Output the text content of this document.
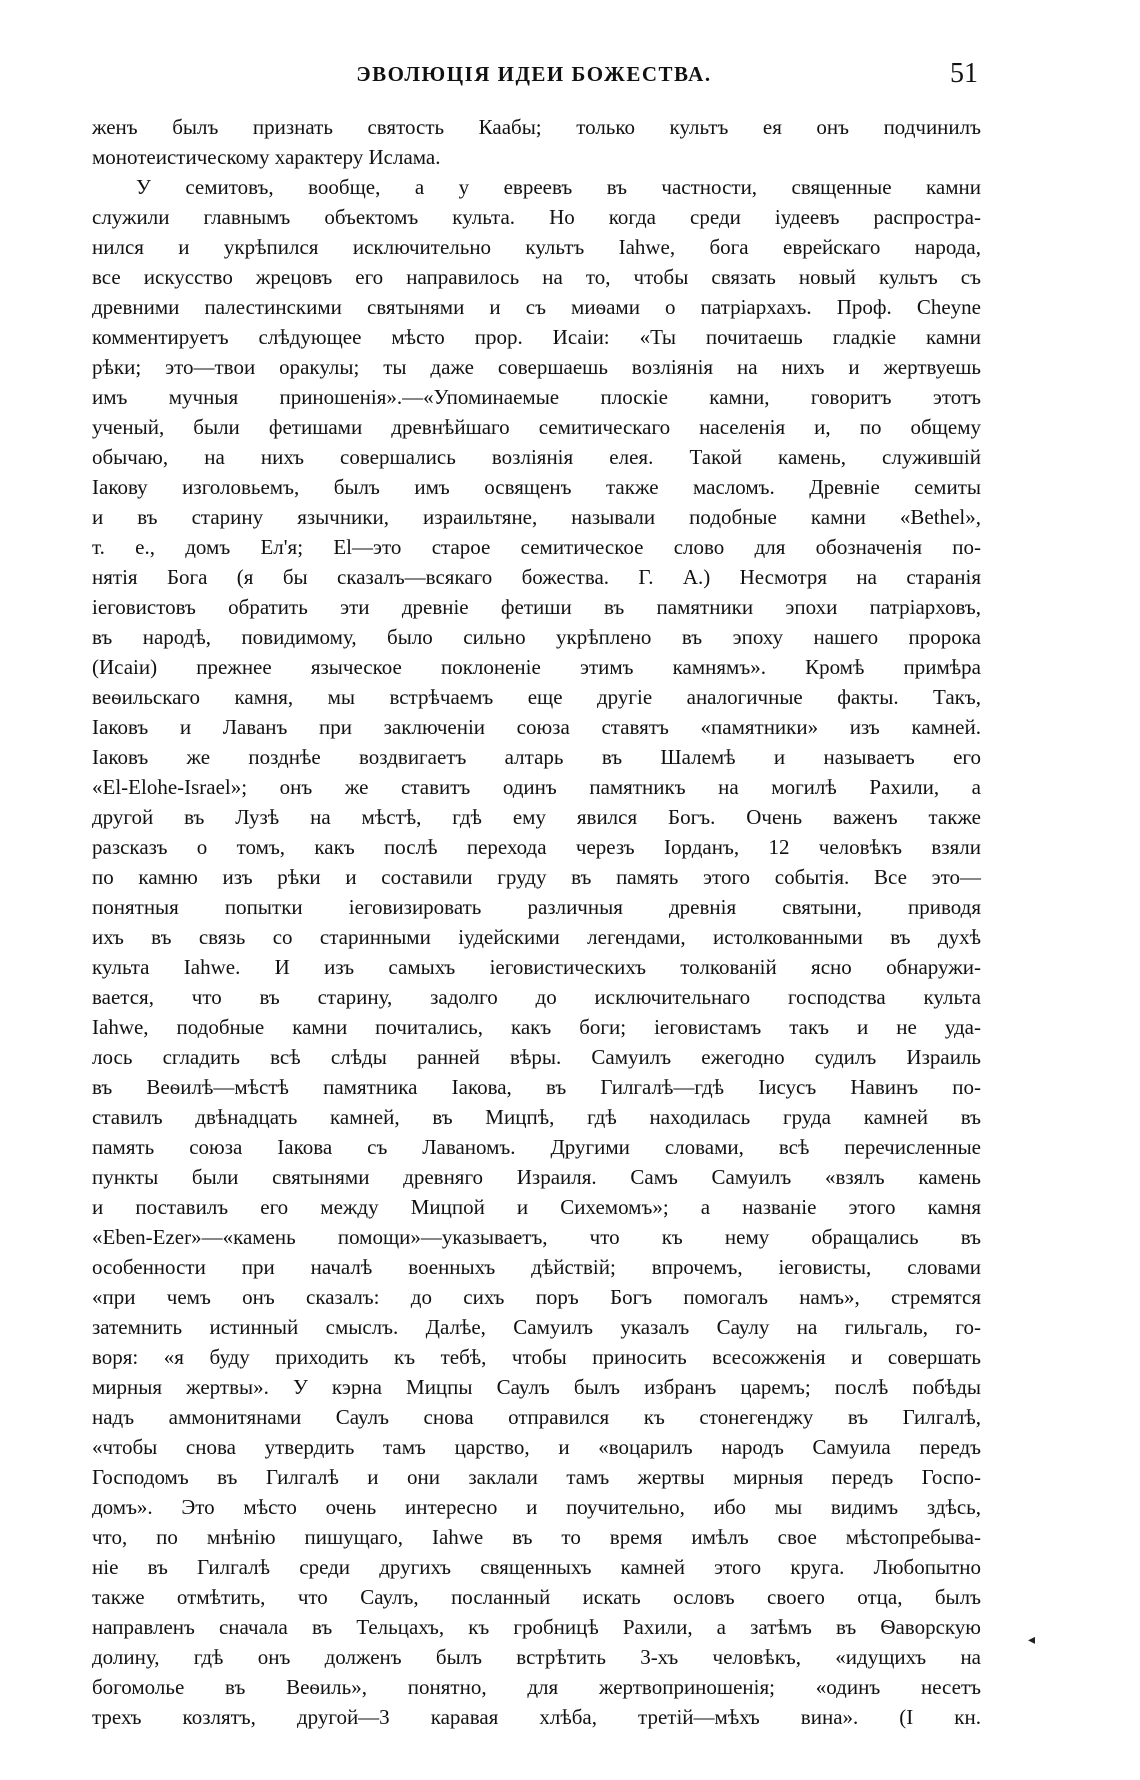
ЭВОЛЮЦІЯ ИДЕИ БОЖЕСТВА.	51
женъ былъ признать святость Каабы; только культъ ея онъ подчинилъ
монотеистическому характеру Ислама.
У семитовъ, вообще, а у евреевъ въ частности, священные камни
служили главнымъ объектомъ культа. Но когда среди іудеевъ распростра-
нился и укрѣпился исключительно культъ Iahwe, бога еврейскаго народа,
все искусство жрецовъ его направилось на то, чтобы связать новый культъ съ
древними палестинскими святынями и съ миѳами о патріархахъ. Проф. Cheyne
комментируетъ слѣдующее мѣсто прор. Исаіи: «Ты почитаешь гладкіе камни
рѣки; это—твои оракулы; ты даже совершаешь возліянія на нихъ и жертвуешь
имъ мучныя приношенія».—«Упоминаемые плоскіе камни, говоритъ этотъ
ученый, были фетишами древнѣйшаго семитическаго населенія и, по общему
обычаю, на нихъ совершались возліянія елея. Такой камень, служившій
Іакову изголовьемъ, былъ имъ освященъ также масломъ. Древніе семиты
и въ старину язычники, израильтяне, называли подобные камни «Bethel»,
т. е., домъ Ел'я; Еl—это старое семитическое слово для обозначенія по-
нятія Бога (я бы сказалъ—всякаго божества. Г. А.) Несмотря на старанія
іеговистовъ обратить эти древніе фетиши въ памятники эпохи патріарховъ,
въ народѣ, повидимому, было сильно укрѣплено въ эпоху нашего пророка
(Исаіи) прежнее языческое поклоненіе этимъ камнямъ». Кромѣ примѣра
веѳильскаго камня, мы встрѣчаемъ еще другіе аналогичные факты. Такъ,
Іаковъ и Лаванъ при заключеніи союза ставятъ «памятники» изъ камней.
Іаковъ же позднѣе воздвигаетъ алтарь въ Шалемѣ и называетъ его
«El-Elohe-Israel»; онъ же ставитъ одинъ памятникъ на могилѣ Рахили, а
другой въ Лузѣ на мѣстѣ, гдѣ ему явился Богъ. Очень важенъ также
разсказъ о томъ, какъ послѣ перехода черезъ Іорданъ, 12 человѣкъ взяли
по камню изъ рѣки и составили груду въ память этого событія. Все это—
понятныя попытки іеговизировать различныя древнія святыни, приводя
ихъ въ связь со старинными іудейскими легендами, истолкованными въ духѣ
культа Iahwe. И изъ самыхъ іеговистическихъ толкованій ясно обнаружи-
вается, что въ старину, задолго до исключительнаго господства культа
Iahwe, подобные камни почитались, какъ боги; іеговистамъ такъ и не уда-
лось сгладить всѣ слѣды ранней вѣры. Самуилъ ежегодно судилъ Израиль
въ Веѳилѣ—мѣстѣ памятника Іакова, въ Гилгалѣ—гдѣ Іисусъ Навинъ по-
ставилъ двѣнадцать камней, въ Мицпѣ, гдѣ находилась груда камней въ
память союза Іакова съ Лаваномъ. Другими словами, всѣ перечисленные
пункты были святынями древняго Израиля. Самъ Самуилъ «взялъ камень
и поставилъ его между Мицпой и Сихемомъ»; а названіе этого камня
«Eben-Ezer»—«камень помощи»—указываетъ, что къ нему обращались въ
особенности при началѣ военныхъ дѣйствій; впрочемъ, іеговисты, словами
«при чемъ онъ сказалъ: до сихъ поръ Богъ помогалъ намъ», стремятся
затемнить истинный смыслъ. Далѣе, Самуилъ указалъ Саулу на гильгаль, го-
воря: «я буду приходить къ тебѣ, чтобы приносить всесожженія и совершать
мирныя жертвы». У кэрна Мицпы Саулъ былъ избранъ царемъ; послѣ побѣды
надъ аммонитянами Саулъ снова отправился къ стонегенджу въ Гилгалѣ,
«чтобы снова утвердить тамъ царство, и «воцарилъ народъ Самуила передъ
Господомъ въ Гилгалѣ и они заклали тамъ жертвы мирныя передъ Госпо-
домъ». Это мѣсто очень интересно и поучительно, ибо мы видимъ здѣсь,
что, по мнѣнію пишущаго, Iahwe въ то время имѣлъ свое мѣстопребыва-
ніе въ Гилгалѣ среди другихъ священныхъ камней этого круга. Любопытно
также отмѣтить, что Саулъ, посланный искать ословъ своего отца, былъ
направленъ сначала въ Тельцахъ, къ гробницѣ Рахили, а затѣмъ въ Ѳаворскую
долину, гдѣ онъ долженъ былъ встрѣтить 3-хъ человѣкъ, «идущихъ на
богомолье въ Веѳиль», понятно, для жертвоприношенія; «одинъ несетъ
трехъ козлятъ, другой—3 каравая хлѣба, третій—мѣхъ вина». (I кн.
◂
